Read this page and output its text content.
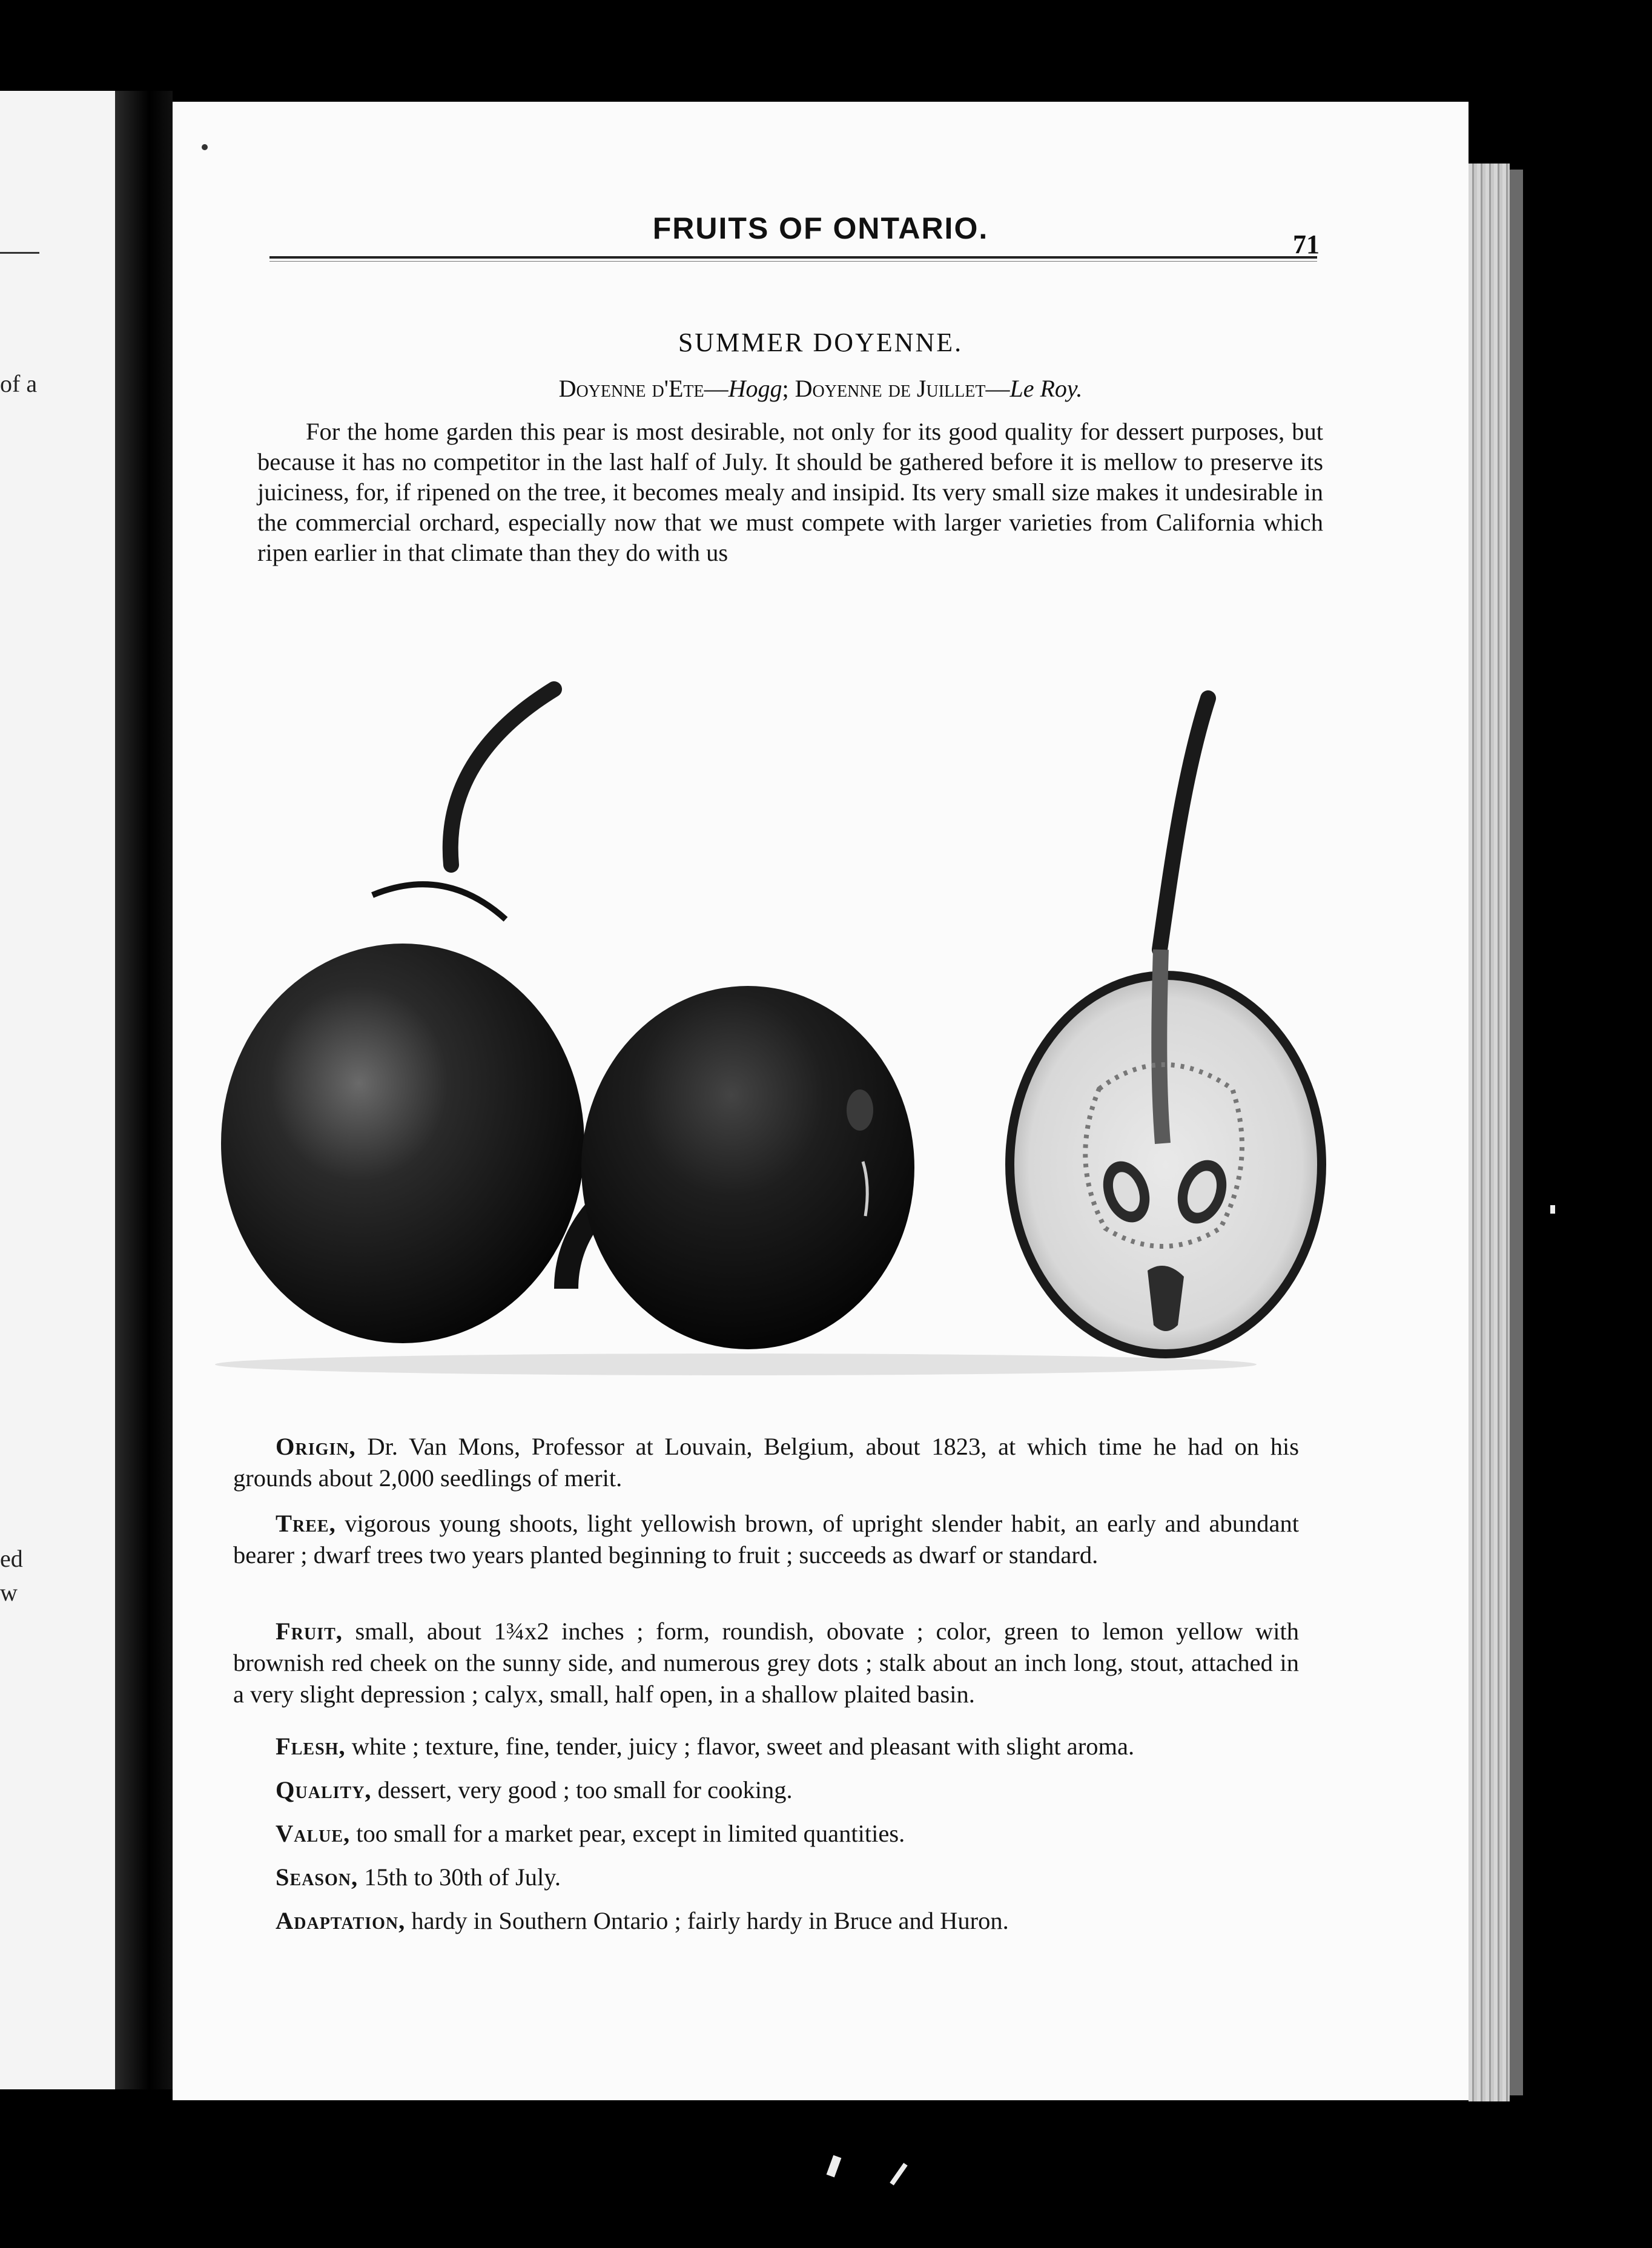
of a
ed
w
FRUITS OF ONTARIO.	71
SUMMER DOYENNE.
Doyenne d'Ete—Hogg; Doyenne de Juillet—Le Roy.
For the home garden this pear is most desirable, not only for its good quality for dessert purposes, but because it has no competitor in the last half of July. It should be gathered before it is mellow to preserve its juiciness, for, if ripened on the tree, it becomes mealy and insipid. Its very small size makes it undesirable in the commercial orchard, especially now that we must compete with larger varieties from California which ripen earlier in that climate than they do with us
Origin, Dr. Van Mons, Professor at Louvain, Belgium, about 1823, at which time he had on his grounds about 2,000 seedlings of merit.
Tree, vigorous young shoots, light yellowish brown, of upright slender habit, an early and abundant bearer ; dwarf trees two years planted beginning to fruit ; succeeds as dwarf or standard.
Fruit, small, about 1¾x2 inches ; form, roundish, obovate ; color, green to lemon yellow with brownish red cheek on the sunny side, and numerous grey dots ; stalk about an inch long, stout, attached in a very slight depression ; calyx, small, half open, in a shallow plaited basin.
Flesh, white ; texture, fine, tender, juicy ; flavor, sweet and pleasant with slight aroma.
Quality, dessert, very good ; too small for cooking.
Value, too small for a market pear, except in limited quantities.
Season, 15th to 30th of July.
Adaptation, hardy in Southern Ontario ; fairly hardy in Bruce and Huron.
